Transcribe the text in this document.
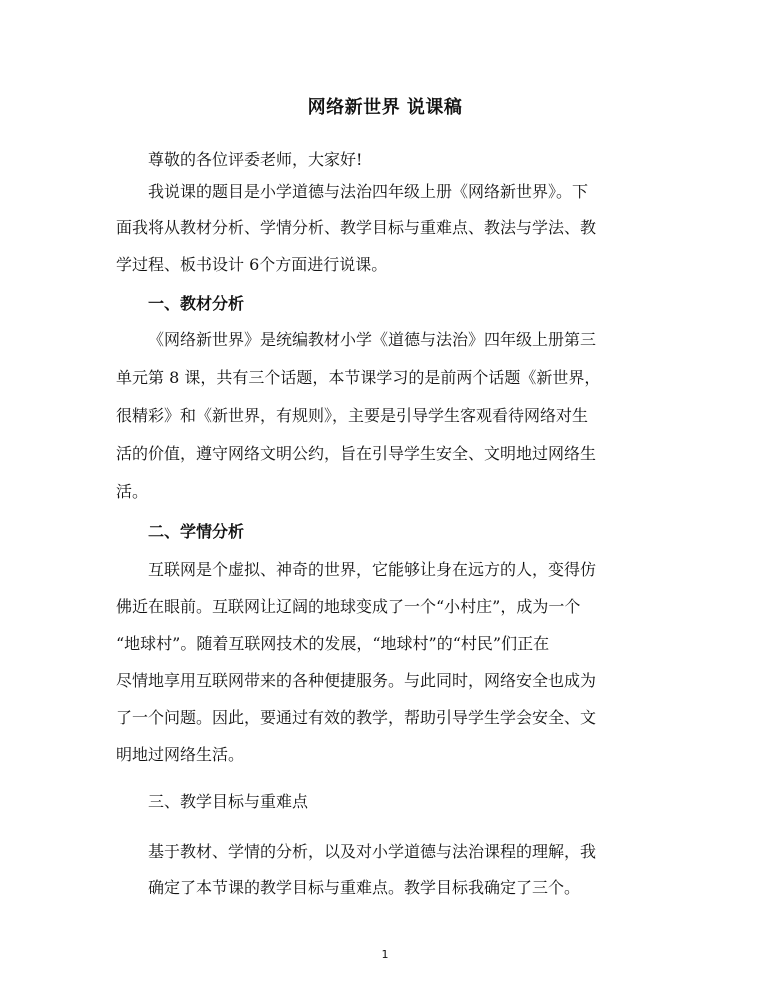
网络新世界 说课稿

尊敬的各位评委老师，大家好!

我说课的题目是小学道德与法治四年级上册《网络新世界》。下

面我将从教材分析、学情分析、教学目标与重难点、教法与学法、教

学过程、板书设计 6个方面进行说课。

一、教材分析

《网络新世界》是统编教材小学《道德与法治》四年级上册第三

单元第 8 课，共有三个话题，本节课学习的是前两个话题《新世界，

很精彩》和《新世界，有规则》，主要是引导学生客观看待网络对生

活的价值，遵守网络文明公约，旨在引导学生安全、文明地过网络生

活。

二、学情分析

互联网是个虚拟、神奇的世界，它能够让身在远方的人，变得仿

佛近在眼前。互联网让辽阔的地球变成了一个“小村庄”，成为一个

“地球村”。随着互联网技术的发展，“地球村”的“村民”们正在

尽情地享用互联网带来的各种便捷服务。与此同时，网络安全也成为

了一个问题。因此，要通过有效的教学，帮助引导学生学会安全、文

明地过网络生活。

三、教学目标与重难点

基于教材、学情的分析，以及对小学道德与法治课程的理解，我

确定了本节课的教学目标与重难点。教学目标我确定了三个。

1
